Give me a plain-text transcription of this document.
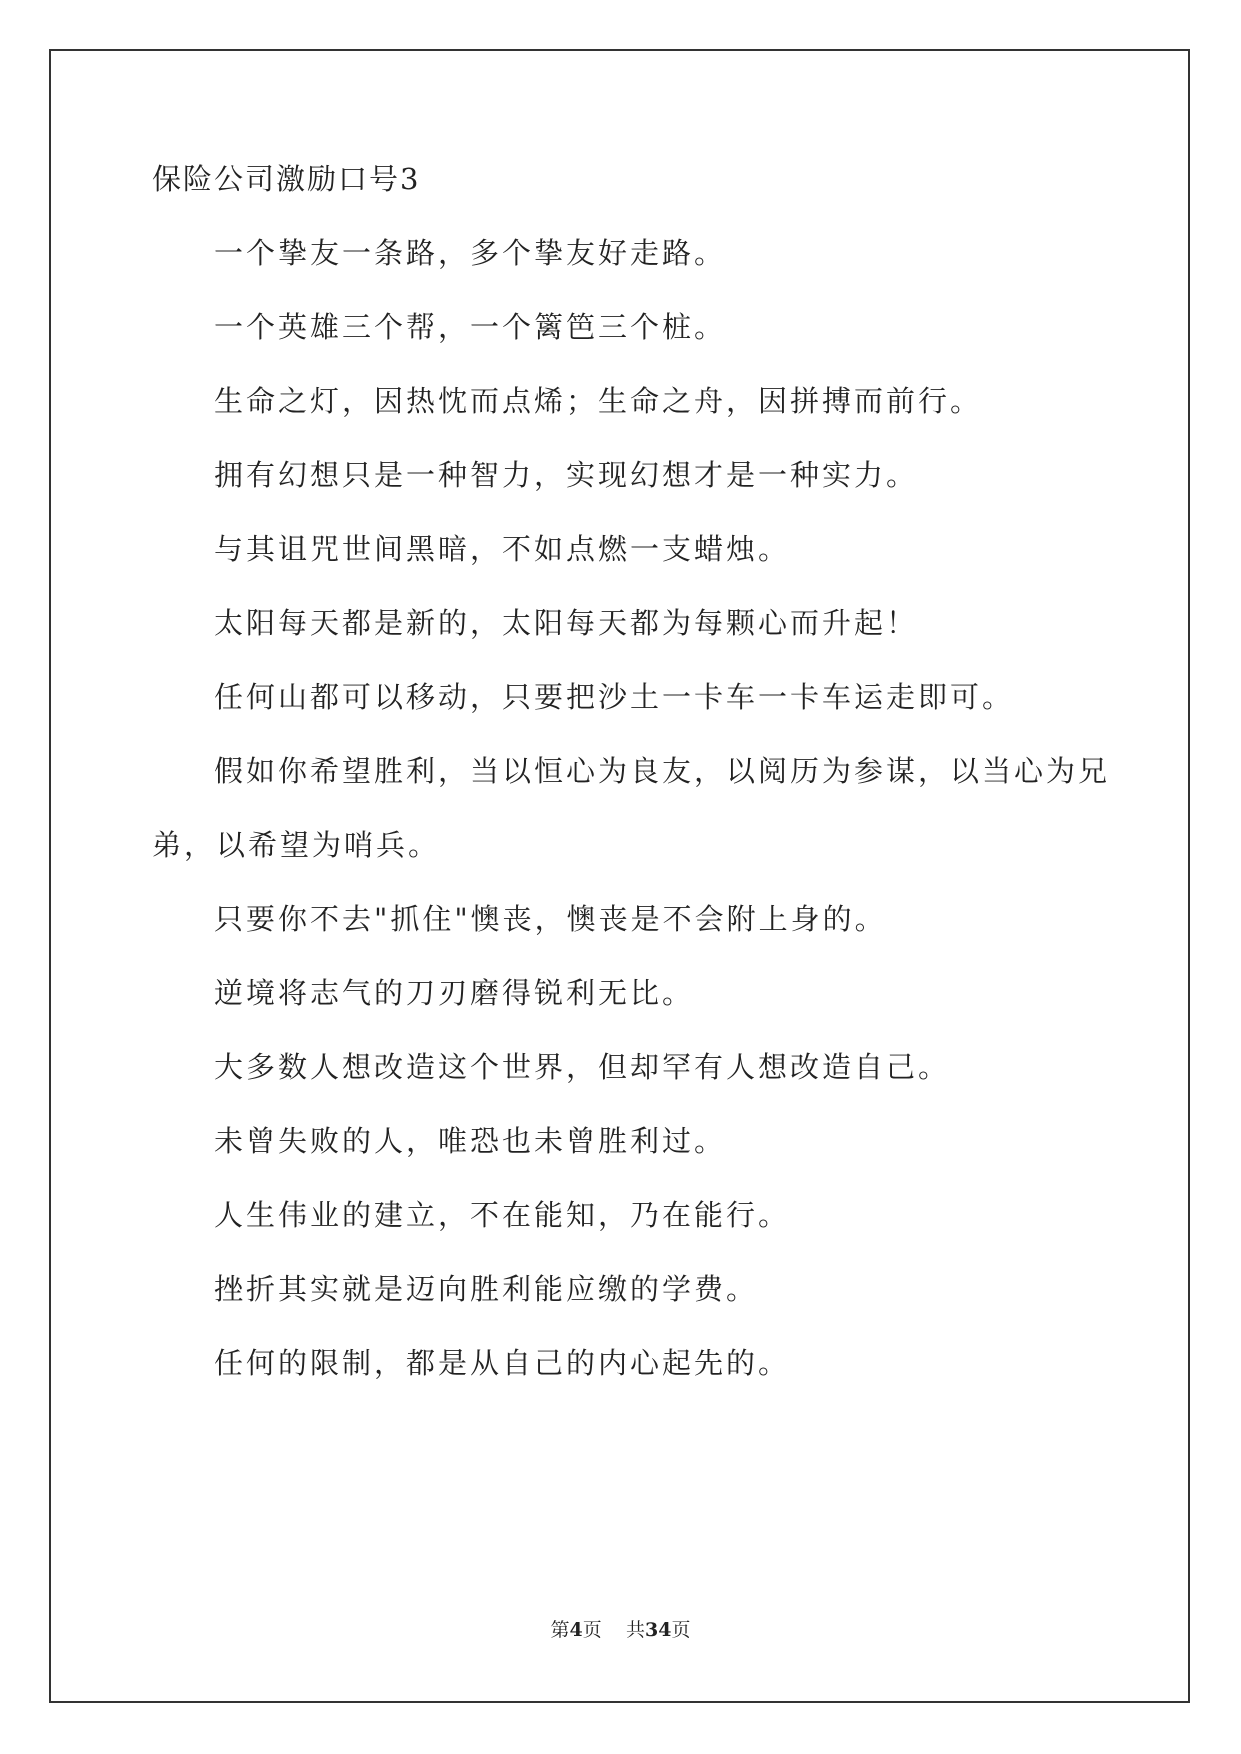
保险公司激励口号3

一个挚友一条路，多个挚友好走路。

一个英雄三个帮，一个篱笆三个桩。

生命之灯，因热忱而点烯；生命之舟，因拼搏而前行。

拥有幻想只是一种智力，实现幻想才是一种实力。

与其诅咒世间黑暗，不如点燃一支蜡烛。

太阳每天都是新的，太阳每天都为每颗心而升起！

任何山都可以移动，只要把沙土一卡车一卡车运走即可。

假如你希望胜利，当以恒心为良友，以阅历为参谋，以当心为兄

弟，以希望为哨兵。

只要你不去"抓住"懊丧，懊丧是不会附上身的。

逆境将志气的刀刃磨得锐利无比。

大多数人想改造这个世界，但却罕有人想改造自己。

未曾失败的人，唯恐也未曾胜利过。

人生伟业的建立，不在能知，乃在能行。

挫折其实就是迈向胜利能应缴的学费。

任何的限制，都是从自己的内心起先的。

第4页 共34页
